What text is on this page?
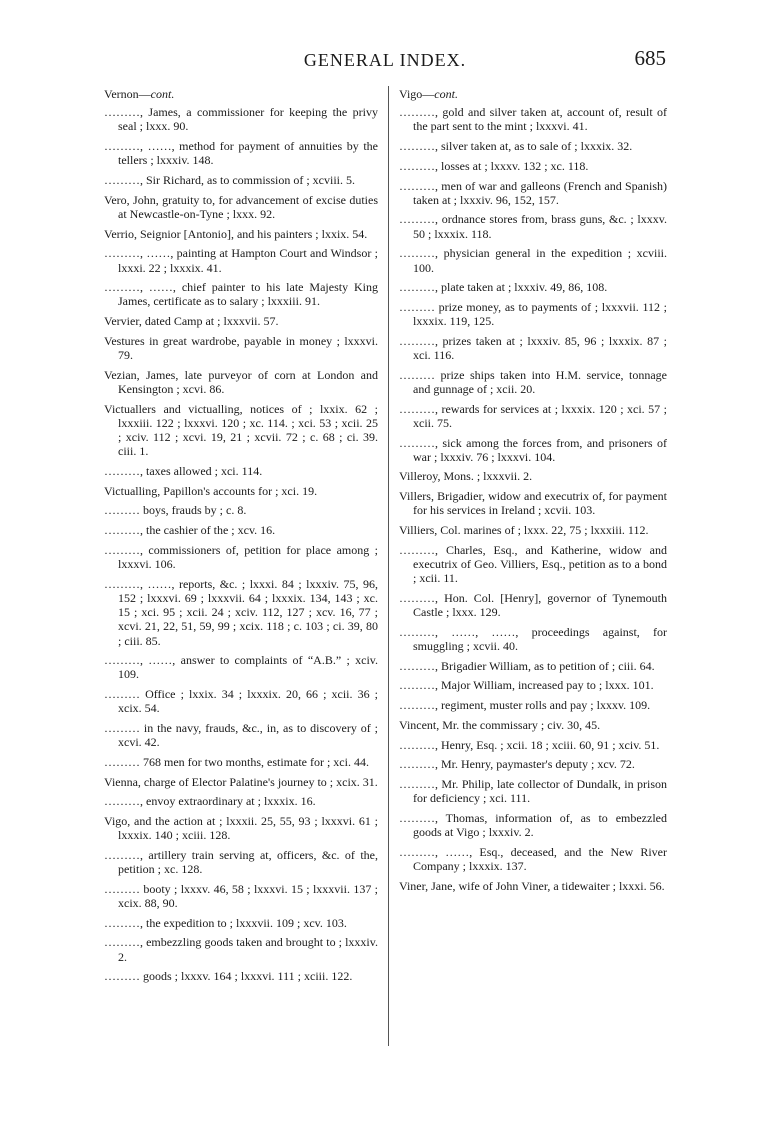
GENERAL INDEX.	685
Vernon—cont.
………, James, a commissioner for keeping the privy seal ; lxxx. 90.
………, ……, method for payment of annuities by the tellers ; lxxxiv. 148.
………, Sir Richard, as to commission of ; xcviii. 5.
Vero, John, gratuity to, for advancement of excise duties at Newcastle-on-Tyne ; lxxx. 92.
Verrio, Seignior [Antonio], and his painters ; lxxix. 54.
………, ……, painting at Hampton Court and Windsor ; lxxxi. 22 ; lxxxix. 41.
………, ……, chief painter to his late Majesty King James, certificate as to salary ; lxxxiii. 91.
Vervier, dated Camp at ; lxxxvii. 57.
Vestures in great wardrobe, payable in money ; lxxxvi. 79.
Vezian, James, late purveyor of corn at London and Kensington ; xcvi. 86.
Victuallers and victualling, notices of ; lxxix. 62 ; lxxxiii. 122 ; lxxxvi. 120 ; xc. 114. ; xci. 53 ; xcii. 25 ; xciv. 112 ; xcvi. 19, 21 ; xcvii. 72 ; c. 68 ; ci. 39. ciii. 1.
………, taxes allowed ; xci. 114.
Victualling, Papillon's accounts for ; xci. 19.
……… boys, frauds by ; c. 8.
………, the cashier of the ; xcv. 16.
………, commissioners of, petition for place among ; lxxxvi. 106.
………, ……, reports, &c. ; lxxxi. 84 ; lxxxiv. 75, 96, 152 ; lxxxvi. 69 ; lxxxvii. 64 ; lxxxix. 134, 143 ; xc. 15 ; xci. 95 ; xcii. 24 ; xciv. 112, 127 ; xcv. 16, 77 ; xcvi. 21, 22, 51, 59, 99 ; xcix. 118 ; c. 103 ; ci. 39, 80 ; ciii. 85.
………, ……, answer to complaints of “A.B.” ; xciv. 109.
……… Office ; lxxix. 34 ; lxxxix. 20, 66 ; xcii. 36 ; xcix. 54.
……… in the navy, frauds, &c., in, as to discovery of ; xcvi. 42.
……… 768 men for two months, estimate for ; xci. 44.
Vienna, charge of Elector Palatine's journey to ; xcix. 31.
………, envoy extraordinary at ; lxxxix. 16.
Vigo, and the action at ; lxxxii. 25, 55, 93 ; lxxxvi. 61 ; lxxxix. 140 ; xciii. 128.
………, artillery train serving at, officers, &c. of the, petition ; xc. 128.
……… booty ; lxxxv. 46, 58 ; lxxxvi. 15 ; lxxxvii. 137 ; xcix. 88, 90.
………, the expedition to ; lxxxvii. 109 ; xcv. 103.
………, embezzling goods taken and brought to ; lxxxiv. 2.
……… goods ; lxxxv. 164 ; lxxxvi. 111 ; xciii. 122.
Vigo—cont.
………, gold and silver taken at, account of, result of the part sent to the mint ; lxxxvi. 41.
………, silver taken at, as to sale of ; lxxxix. 32.
………, losses at ; lxxxv. 132 ; xc. 118.
………, men of war and galleons (French and Spanish) taken at ; lxxxiv. 96, 152, 157.
………, ordnance stores from, brass guns, &c. ; lxxxv. 50 ; lxxxix. 118.
………, physician general in the expedition ; xcviii. 100.
………, plate taken at ; lxxxiv. 49, 86, 108.
……… prize money, as to payments of ; lxxxvii. 112 ; lxxxix. 119, 125.
………, prizes taken at ; lxxxiv. 85, 96 ; lxxxix. 87 ; xci. 116.
……… prize ships taken into H.M. service, tonnage and gunnage of ; xcii. 20.
………, rewards for services at ; lxxxix. 120 ; xci. 57 ; xcii. 75.
………, sick among the forces from, and prisoners of war ; lxxxiv. 76 ; lxxxvi. 104.
Villeroy, Mons. ; lxxxvii. 2.
Villers, Brigadier, widow and executrix of, for payment for his services in Ireland ; xcvii. 103.
Villiers, Col. marines of ; lxxx. 22, 75 ; lxxxiii. 112.
………, Charles, Esq., and Katherine, widow and executrix of Geo. Villiers, Esq., petition as to a bond ; xcii. 11.
………, Hon. Col. [Henry], governor of Tynemouth Castle ; lxxx. 129.
………, ……, ……, proceedings against, for smuggling ; xcvii. 40.
………, Brigadier William, as to petition of ; ciii. 64.
………, Major William, increased pay to ; lxxx. 101.
………, regiment, muster rolls and pay ; lxxxv. 109.
Vincent, Mr. the commissary ; civ. 30, 45.
………, Henry, Esq. ; xcii. 18 ; xciii. 60, 91 ; xciv. 51.
………, Mr. Henry, paymaster's deputy ; xcv. 72.
………, Mr. Philip, late collector of Dundalk, in prison for deficiency ; xci. 111.
………, Thomas, information of, as to embezzled goods at Vigo ; lxxxiv. 2.
………, ……, Esq., deceased, and the New River Company ; lxxxix. 137.
Viner, Jane, wife of John Viner, a tidewaiter ; lxxxi. 56.
